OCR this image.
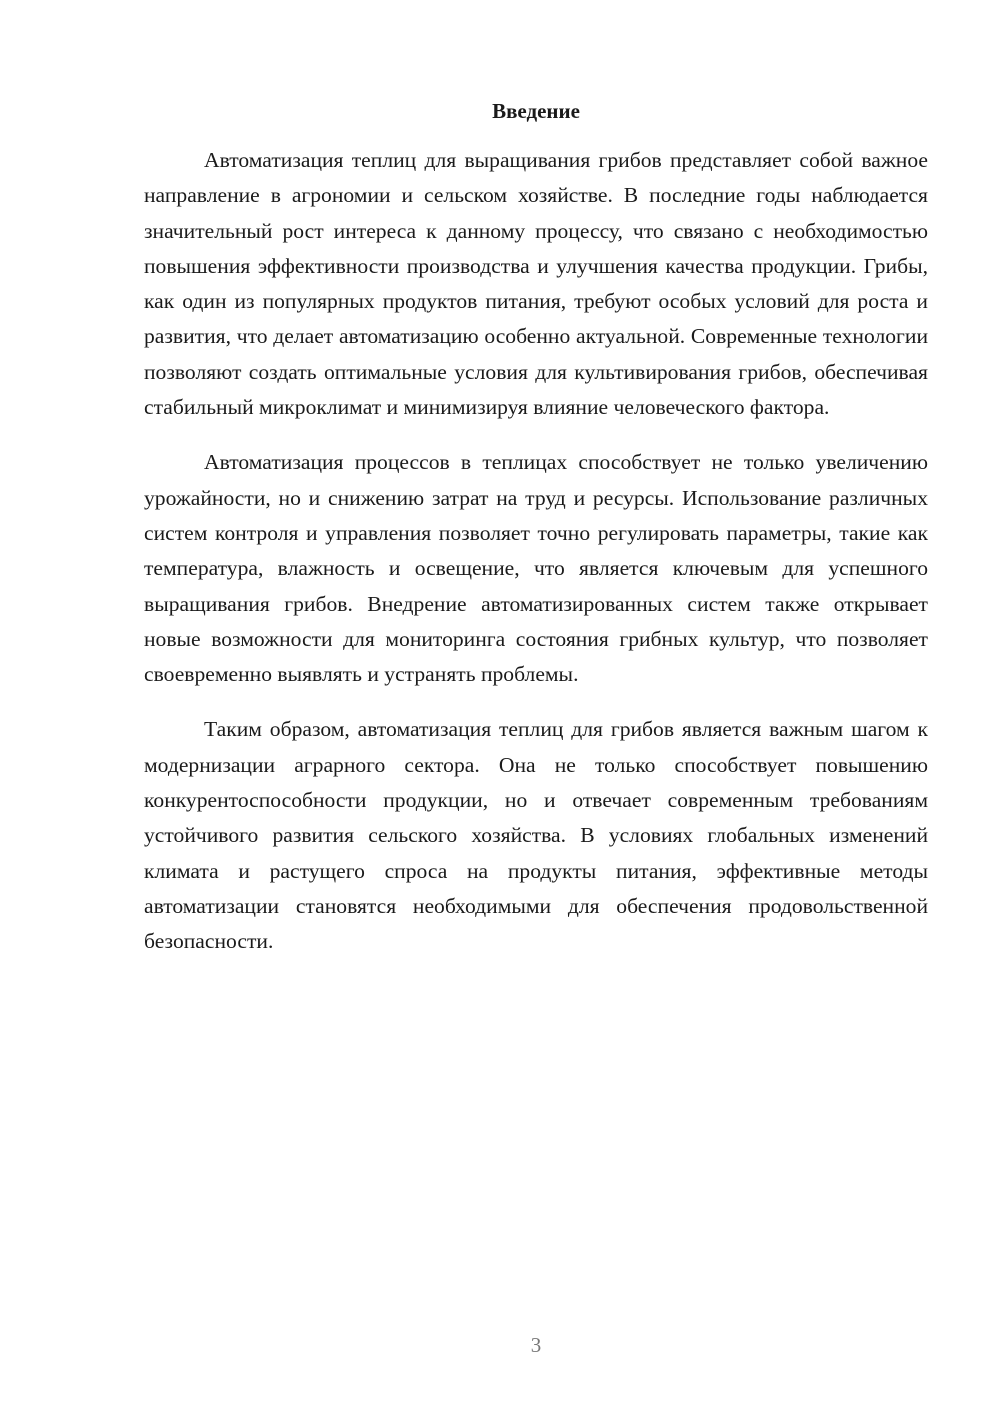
Введение

Автоматизация теплиц для выращивания грибов представляет собой важное направление в агрономии и сельском хозяйстве. В последние годы наблюдается значительный рост интереса к данному процессу, что связано с необходимостью повышения эффективности производства и улучшения качества продукции. Грибы, как один из популярных продуктов питания, требуют особых условий для роста и развития, что делает автоматизацию особенно актуальной. Современные технологии позволяют создать оптимальные условия для культивирования грибов, обеспечивая стабильный микроклимат и минимизируя влияние человеческого фактора.

Автоматизация процессов в теплицах способствует не только увеличению урожайности, но и снижению затрат на труд и ресурсы. Использование различных систем контроля и управления позволяет точно регулировать параметры, такие как температура, влажность и освещение, что является ключевым для успешного выращивания грибов. Внедрение автоматизированных систем также открывает новые возможности для мониторинга состояния грибных культур, что позволяет своевременно выявлять и устранять проблемы.

Таким образом, автоматизация теплиц для грибов является важным шагом к модернизации аграрного сектора. Она не только способствует повышению конкурентоспособности продукции, но и отвечает современным требованиям устойчивого развития сельского хозяйства. В условиях глобальных изменений климата и растущего спроса на продукты питания, эффективные методы автоматизации становятся необходимыми для обеспечения продовольственной безопасности.

3
